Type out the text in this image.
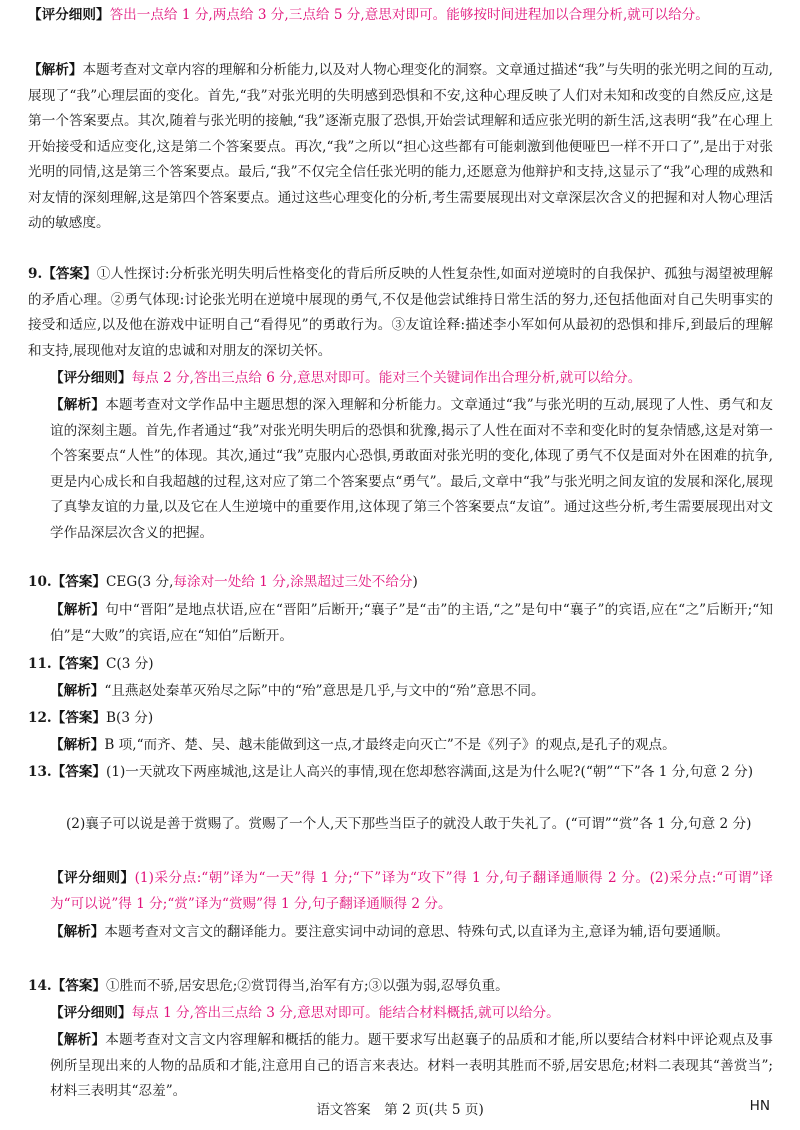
【评分细则】答出一点给 1 分,两点给 3 分,三点给 5 分,意思对即可。能够按时间进程加以合理分析,就可以给分。
【解析】本题考查对文章内容的理解和分析能力,以及对人物心理变化的洞察。文章通过描述“我”与失明的张光明之间的互动,展现了“我”心理层面的变化。首先,“我”对张光明的失明感到恐惧和不安,这种心理反映了人们对未知和改变的自然反应,这是第一个答案要点。其次,随着与张光明的接触,“我”逐渐克服了恐惧,开始尝试理解和适应张光明的新生活,这表明“我”在心理上开始接受和适应变化,这是第二个答案要点。再次,“我”之所以“担心这些都有可能刺激到他便哑巴一样不开口了”,是出于对张光明的同情,这是第三个答案要点。最后,“我”不仅完全信任张光明的能力,还愿意为他辩护和支持,这显示了“我”心理的成熟和对友情的深刻理解,这是第四个答案要点。通过这些心理变化的分析,考生需要展现出对文章深层次含义的把握和对人物心理活动的敏感度。
9.【答案】①人性探讨:分析张光明失明后性格变化的背后所反映的人性复杂性,如面对逆境时的自我保护、孤独与渴望被理解的矛盾心理。②勇气体现:讨论张光明在逆境中展现的勇气,不仅是他尝试维持日常生活的努力,还包括他面对自己失明事实的接受和适应,以及他在游戏中证明自己“看得见”的勇敢行为。③友谊诠释:描述李小军如何从最初的恐惧和排斥,到最后的理解和支持,展现他对友谊的忠诚和对朋友的深切关怀。
【评分细则】每点 2 分,答出三点给 6 分,意思对即可。能对三个关键词作出合理分析,就可以给分。
【解析】本题考查对文学作品中主题思想的深入理解和分析能力。文章通过“我”与张光明的互动,展现了人性、勇气和友谊的深刻主题。首先,作者通过“我”对张光明失明后的恐惧和犹豫,揭示了人性在面对不幸和变化时的复杂情感,这是对第一个答案要点“人性”的体现。其次,通过“我”克服内心恐惧,勇敢面对张光明的变化,体现了勇气不仅是面对外在困难的抗争,更是内心成长和自我超越的过程,这对应了第二个答案要点“勇气”。最后,文章中“我”与张光明之间友谊的发展和深化,展现了真挚友谊的力量,以及它在人生逆境中的重要作用,这体现了第三个答案要点“友谊”。通过这些分析,考生需要展现出对文学作品深层次含义的把握。
10.【答案】CEG(3 分,每涂对一处给 1 分,涂黑超过三处不给分)
【解析】句中“晋阳”是地点状语,应在“晋阳”后断开;“襄子”是“击”的主语,“之”是句中“襄子”的宾语,应在“之”后断开;“知伯”是“大败”的宾语,应在“知伯”后断开。
11.【答案】C(3 分)
【解析】“且燕赵处秦革灭殆尽之际”中的“殆”意思是几乎,与文中的“殆”意思不同。
12.【答案】B(3 分)
【解析】B 项,“而齐、楚、吴、越未能做到这一点,才最终走向灭亡”不是《列子》的观点,是孔子的观点。
13.【答案】(1)一天就攻下两座城池,这是让人高兴的事情,现在您却愁容满面,这是为什么呢?(“朝”“下”各 1 分,句意 2 分)
(2)襄子可以说是善于赏赐了。赏赐了一个人,天下那些当臣子的就没人敢于失礼了。(“可谓”“赏”各 1 分,句意 2 分)
【评分细则】(1)采分点:“朝”译为“一天”得 1 分;“下”译为“攻下”得 1 分,句子翻译通顺得 2 分。(2)采分点:“可谓”译为“可以说”得 1 分;“赏”译为“赏赐”得 1 分,句子翻译通顺得 2 分。
【解析】本题考查对文言文的翻译能力。要注意实词中动词的意思、特殊句式,以直译为主,意译为辅,语句要通顺。
14.【答案】①胜而不骄,居安思危;②赏罚得当,治军有方;③以强为弱,忍辱负重。
【评分细则】每点 1 分,答出三点给 3 分,意思对即可。能结合材料概括,就可以给分。
【解析】本题考查对文言文内容理解和概括的能力。题干要求写出赵襄子的品质和才能,所以要结合材料中评论观点及事例所呈现出来的人物的品质和才能,注意用自己的语言来表达。材料一表明其胜而不骄,居安思危;材料二表现其“善赏当”;材料三表明其“忍羞”。
语文答案　第 2 页(共 5 页)	HN
